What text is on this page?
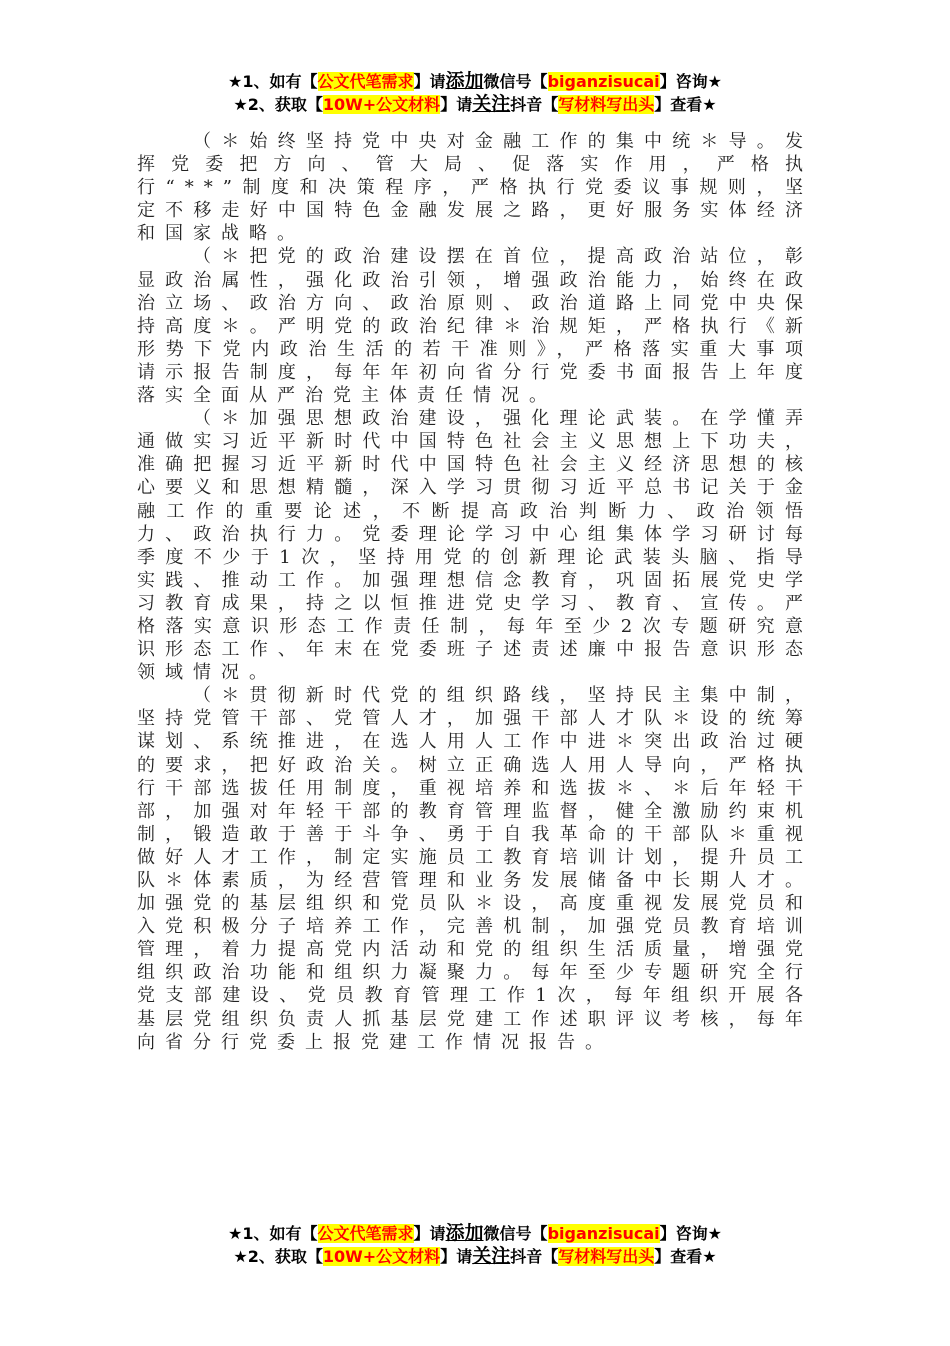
★1、如有【公文代笔需求】请添加微信号【biganzisucai】咨询★
★2、获取【10W+公文材料】请关注抖音【写材料写出头】查看★

（＊始终坚持党中央对金融工作的集中统＊导。发挥党委把方向、管大局、促落实作用，严格执行“**”制度和决策程序，严格执行党委议事规则，坚定不移走好中国特色金融发展之路，更好服务实体经济和国家战略。

（＊把党的政治建设摆在首位，提高政治站位，彰显政治属性，强化政治引领，增强政治能力，始终在政治立场、政治方向、政治原则、政治道路上同党中央保持高度＊。严明党的政治纪律＊治规矩，严格执行《新形势下党内政治生活的若干准则》，严格落实重大事项请示报告制度，每年年初向省分行党委书面报告上年度落实全面从严治党主体责任情况。

（＊加强思想政治建设，强化理论武装。在学懂弄通做实习近平新时代中国特色社会主义思想上下功夫，准确把握习近平新时代中国特色社会主义经济思想的核心要义和思想精髓，深入学习贯彻习近平总书记关于金融工作的重要论述，不断提高政治判断力、政治领悟力、政治执行力。党委理论学习中心组集体学习研讨每季度不少于1次，坚持用党的创新理论武装头脑、指导实践、推动工作。加强理想信念教育，巩固拓展党史学习教育成果，持之以恒推进党史学习、教育、宣传。严格落实意识形态工作责任制，每年至少2次专题研究意识形态工作、年末在党委班子述责述廉中报告意识形态领域情况。

（＊贯彻新时代党的组织路线，坚持民主集中制，坚持党管干部、党管人才，加强干部人才队＊设的统筹谋划、系统推进，在选人用人工作中进＊突出政治过硬的要求，把好政治关。树立正确选人用人导向，严格执行干部选拔任用制度，重视培养和选拔＊、＊后年轻干部，加强对年轻干部的教育管理监督，健全激励约束机制，锻造敢于善于斗争、勇于自我革命的干部队＊重视做好人才工作，制定实施员工教育培训计划，提升员工队＊体素质，为经营管理和业务发展储备中长期人才。加强党的基层组织和党员队＊设，高度重视发展党员和入党积极分子培养工作，完善机制，加强党员教育培训管理，着力提高党内活动和党的组织生活质量，增强党组织政治功能和组织力凝聚力。每年至少专题研究全行党支部建设、党员教育管理工作1次，每年组织开展各基层党组织负责人抓基层党建工作述职评议考核，每年向省分行党委上报党建工作情况报告。

★1、如有【公文代笔需求】请添加微信号【biganzisucai】咨询★
★2、获取【10W+公文材料】请关注抖音【写材料写出头】查看★
